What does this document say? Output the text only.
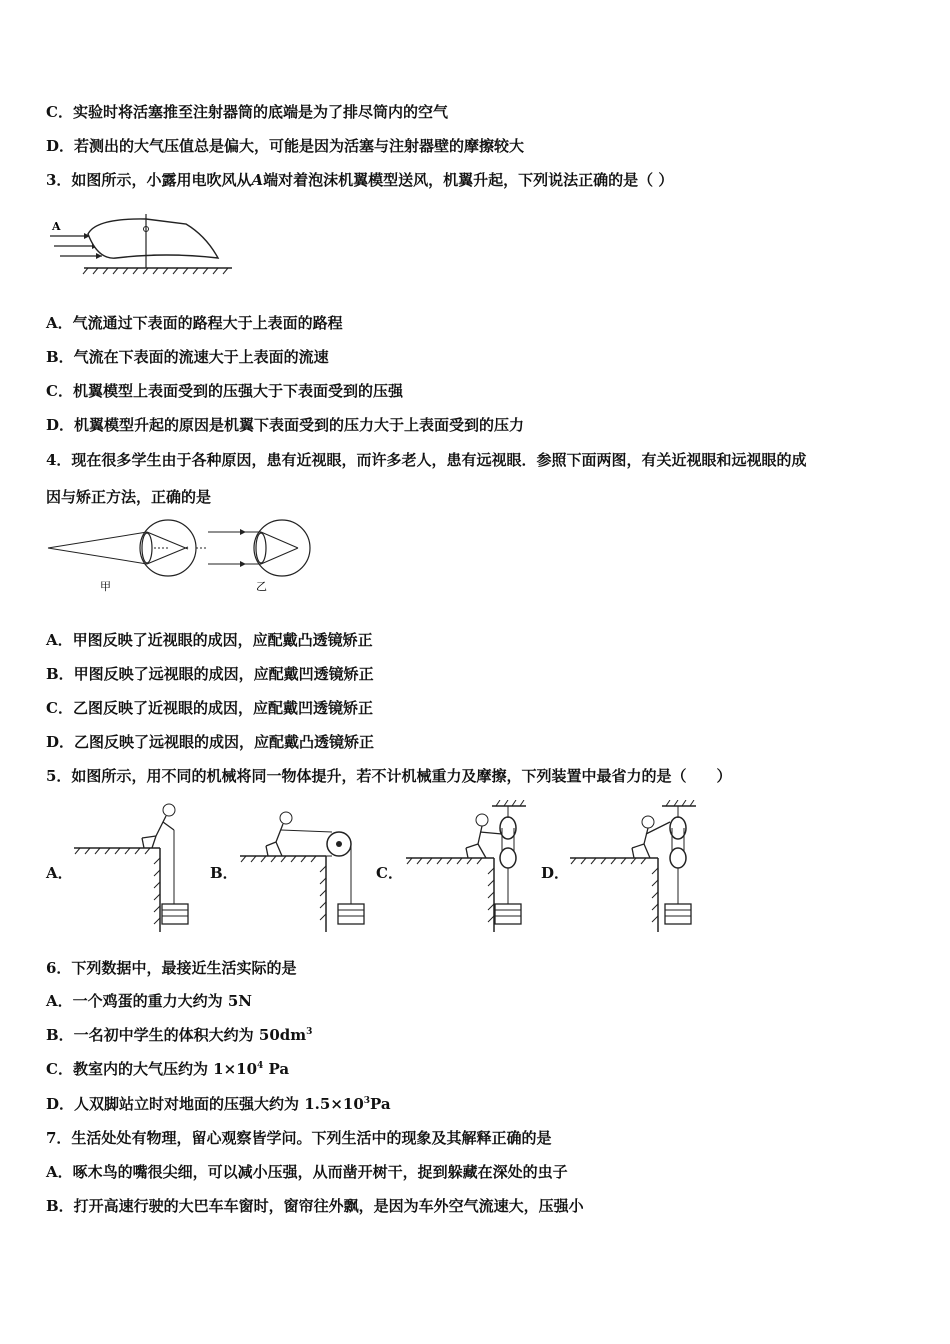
C．实验时将活塞推至注射器筒的底端是为了排尽筒内的空气
D．若测出的大气压值总是偏大，可能是因为活塞与注射器壁的摩擦较大
3．如图所示，小露用电吹风从A端对着泡沫机翼模型送风，机翼升起，下列说法正确的是（ ）
A
A．气流通过下表面的路程大于上表面的路程
B．气流在下表面的流速大于上表面的流速
C．机翼模型上表面受到的压强大于下表面受到的压强
D．机翼模型升起的原因是机翼下表面受到的压力大于上表面受到的压力
4．现在很多学生由于各种原因，患有近视眼，而许多老人，患有远视眼．参照下面两图，有关近视眼和远视眼的成
因与矫正方法，正确的是
甲	乙
A．甲图反映了近视眼的成因，应配戴凸透镜矫正
B．甲图反映了远视眼的成因，应配戴凹透镜矫正
C．乙图反映了近视眼的成因，应配戴凹透镜矫正
D．乙图反映了远视眼的成因，应配戴凸透镜矫正
5．如图所示，用不同的机械将同一物体提升，若不计机械重力及摩擦，下列装置中最省力的是（　　）
A．	B．	C．	D．
6．下列数据中，最接近生活实际的是
A．一个鸡蛋的重力大约为 5N
B．一名初中学生的体积大约为 $50dm^3$
C．教室内的大气压约为 $1\times 10^4$ Pa
D．人双脚站立时对地面的压强大约为 $1.5\times 10^3Pa$
7．生活处处有物理，留心观察皆学问。下列生活中的现象及其解释正确的是
A．啄木鸟的嘴很尖细，可以减小压强，从而凿开树干，捉到躲藏在深处的虫子
B．打开高速行驶的大巴车车窗时，窗帘往外飘，是因为车外空气流速大，压强小
